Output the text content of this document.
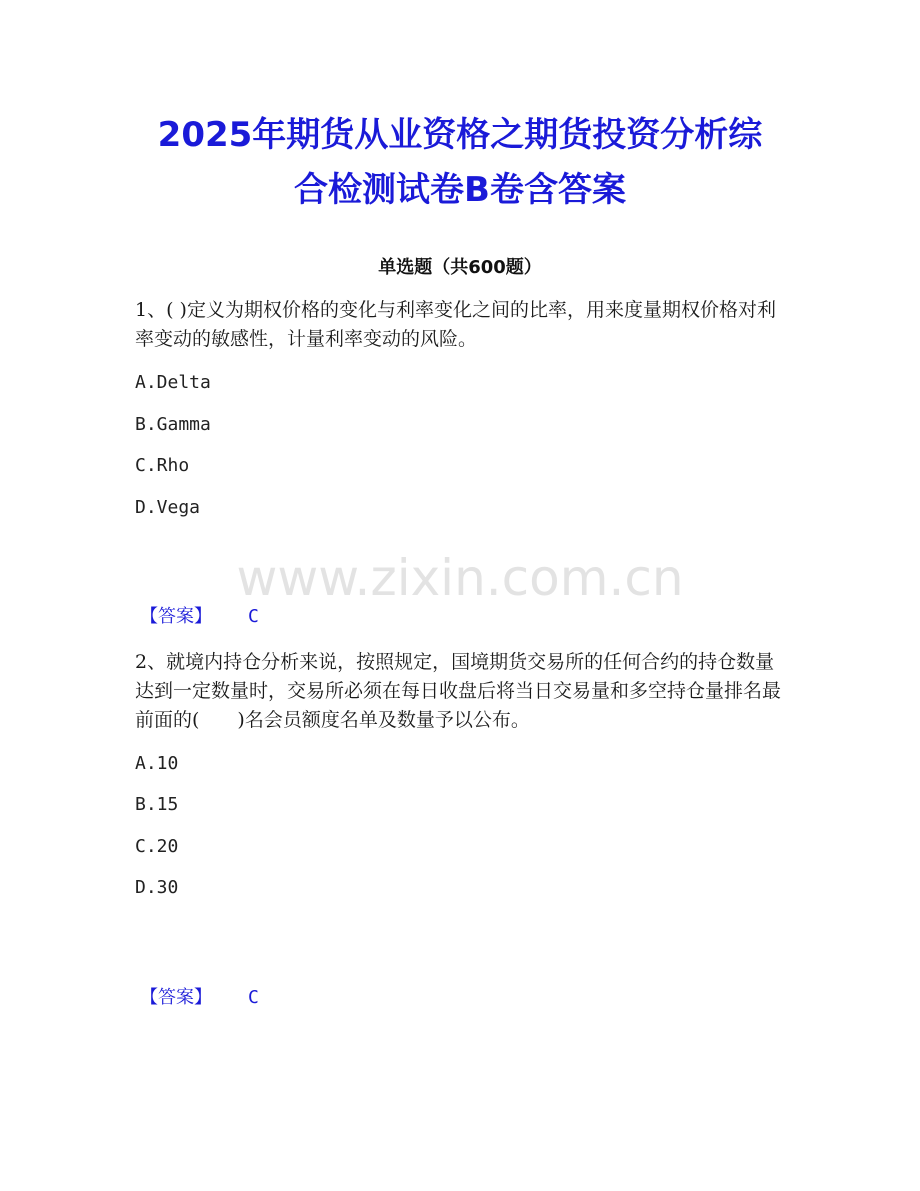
2025年期货从业资格之期货投资分析综
合检测试卷B卷含答案
单选题（共600题）
1、( )定义为期权价格的变化与利率变化之间的比率，用来度量期权价格对利率变动的敏感性，计量利率变动的风险。
A.Delta
B.Gamma
C.Rho
D.Vega
www.zixin.com.cn
【答案】 C
2、就境内持仓分析来说，按照规定，国境期货交易所的任何合约的持仓数量达到一定数量时，交易所必须在每日收盘后将当日交易量和多空持仓量排名最前面的(　　)名会员额度名单及数量予以公布。
A.10
B.15
C.20
D.30
【答案】 C
